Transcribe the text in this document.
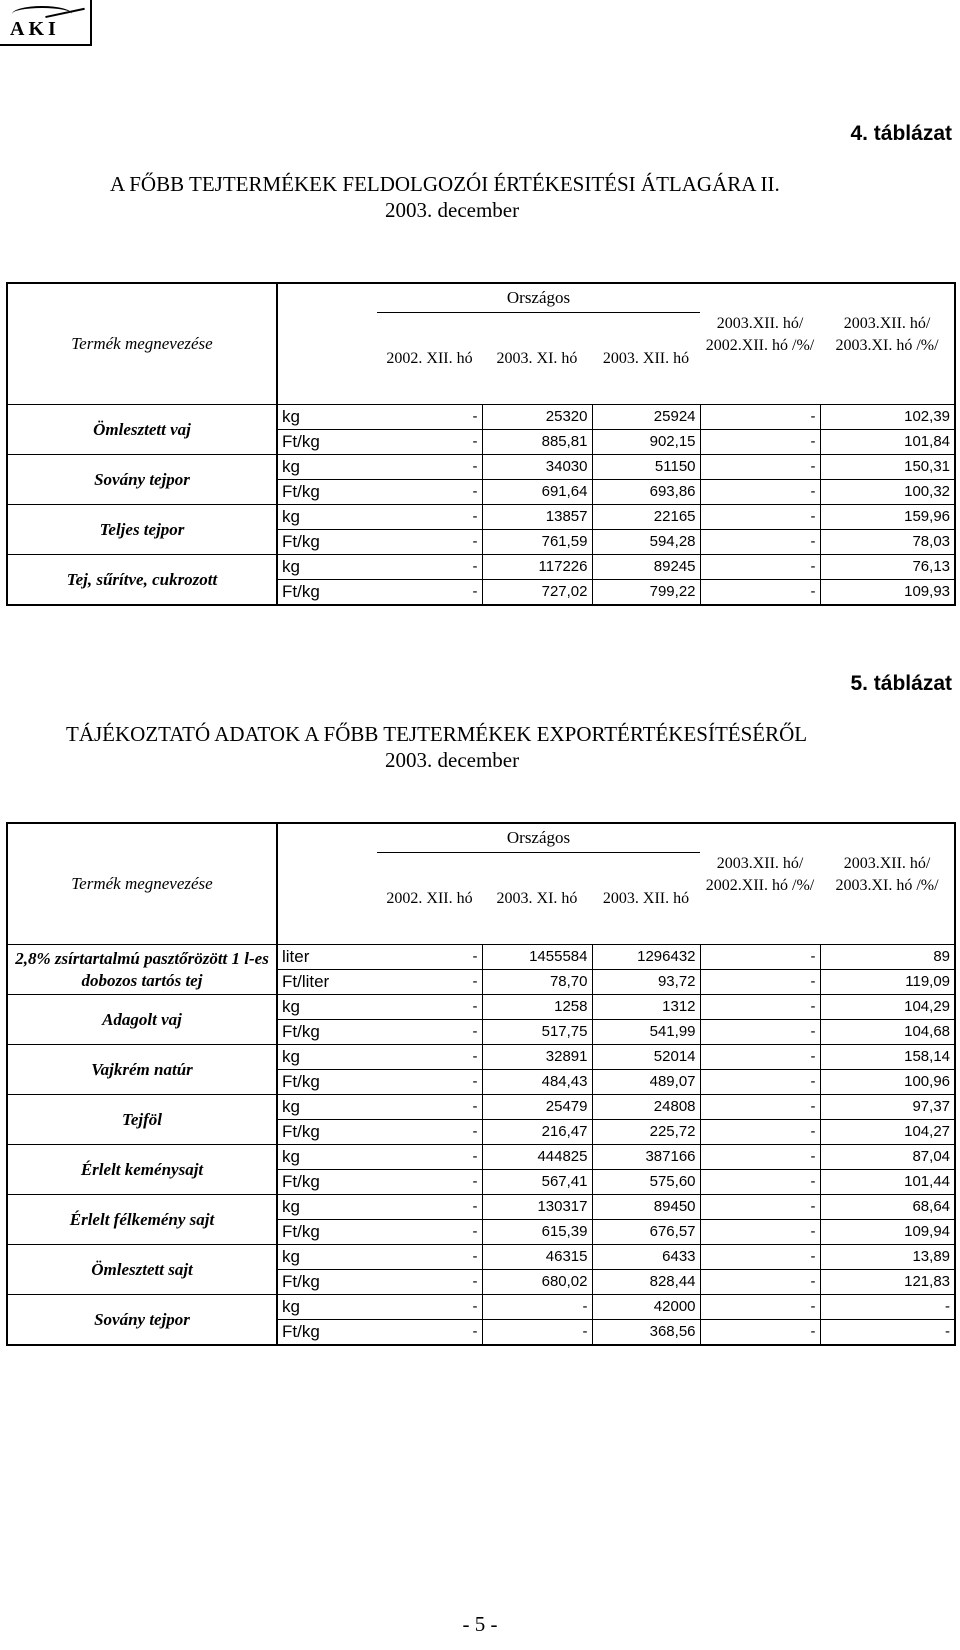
AKI
4. táblázat
A FŐBB TEJTERMÉKEK FELDOLGOZÓI ÉRTÉKESITÉSI ÁTLAGÁRA II.
2003. december
Termék megnevezése		Országos				
		2002. XII. hó	2003. XI. hó	2003. XII. hó	2003.XII. hó/ 2002.XII. hó /%/	2003.XII. hó/ 2003.XI. hó /%/
Ömlesztett vaj	kg	-	25320	25924	-	102,39
	Ft/kg	-	885,81	902,15	-	101,84
Sovány tejpor	kg	-	34030	51150	-	150,31
	Ft/kg	-	691,64	693,86	-	100,32
Teljes tejpor	kg	-	13857	22165	-	159,96
	Ft/kg	-	761,59	594,28	-	78,03
Tej, sűrítve, cukrozott	kg	-	117226	89245	-	76,13
	Ft/kg	-	727,02	799,22	-	109,93
5. táblázat
TÁJÉKOZTATÓ ADATOK A FŐBB TEJTERMÉKEK EXPORTÉRTÉKESÍTÉSÉRŐL
2003. december
Termék megnevezése		Országos				
		2002. XII. hó	2003. XI. hó	2003. XII. hó	2003.XII. hó/ 2002.XII. hó /%/	2003.XII. hó/ 2003.XI. hó /%/
2,8% zsírtartalmú pasztőrözött 1 l-es dobozos tartós tej	liter	-	1455584	1296432	-	89
	Ft/liter	-	78,70	93,72	-	119,09
Adagolt vaj	kg	-	1258	1312	-	104,29
	Ft/kg	-	517,75	541,99	-	104,68
Vajkrém natúr	kg	-	32891	52014	-	158,14
	Ft/kg	-	484,43	489,07	-	100,96
Tejföl	kg	-	25479	24808	-	97,37
	Ft/kg	-	216,47	225,72	-	104,27
Érlelt keménysajt	kg	-	444825	387166	-	87,04
	Ft/kg	-	567,41	575,60	-	101,44
Érlelt félkemény sajt	kg	-	130317	89450	-	68,64
	Ft/kg	-	615,39	676,57	-	109,94
Ömlesztett sajt	kg	-	46315	6433	-	13,89
	Ft/kg	-	680,02	828,44	-	121,83
Sovány tejpor	kg	-	-	42000	-	-
	Ft/kg	-	-	368,56	-	-
- 5 -
